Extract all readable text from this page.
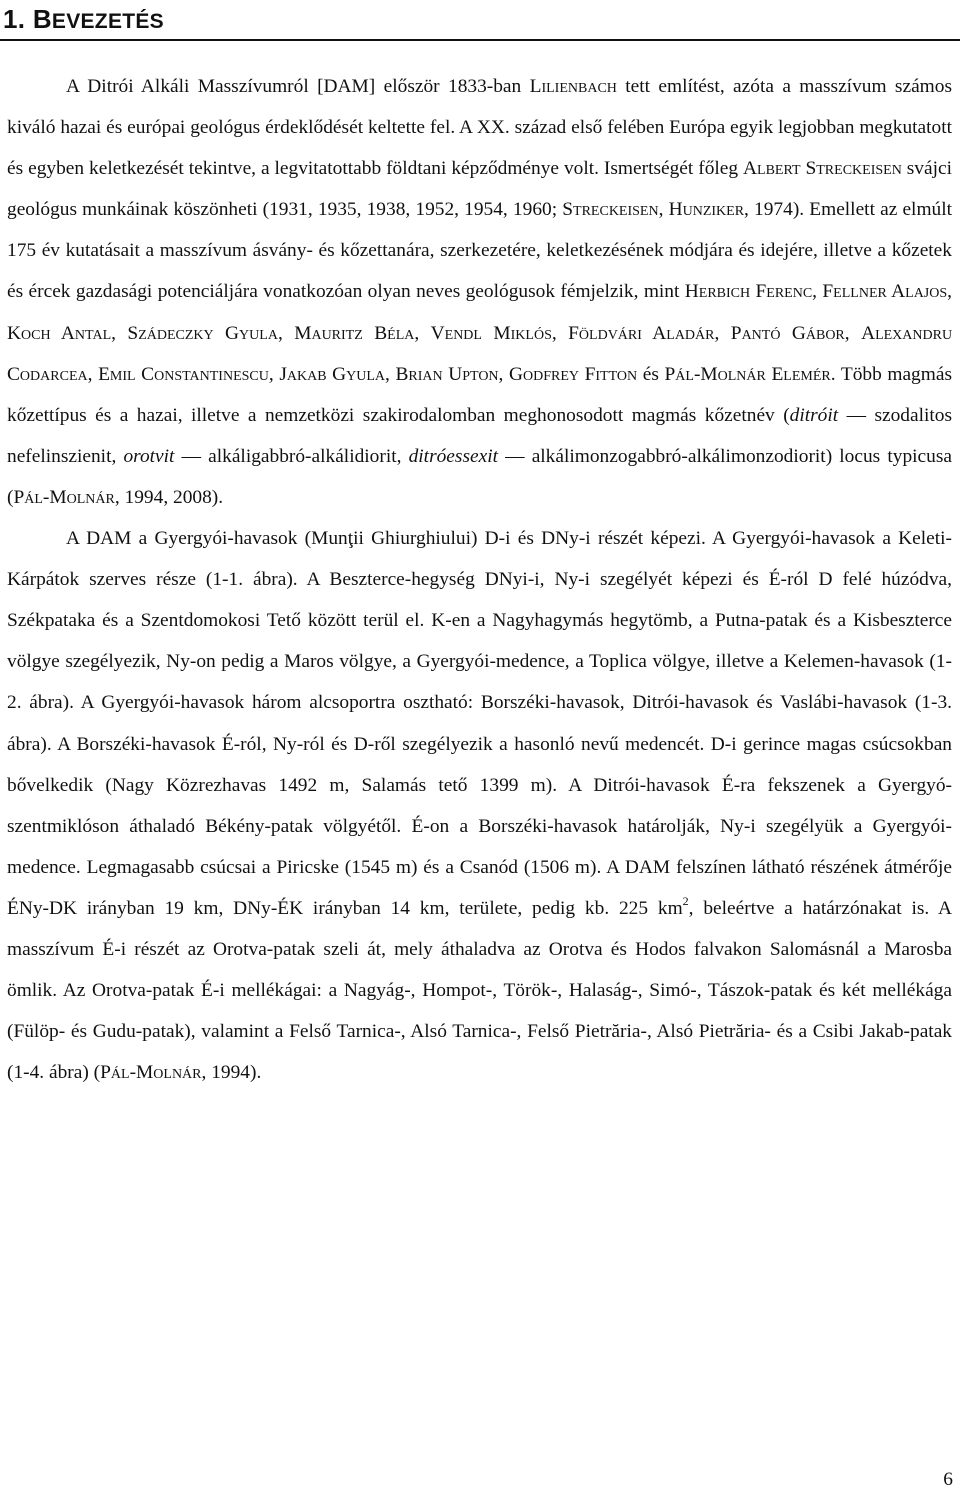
1. BEVEZETÉS

A Ditrói Alkáli Masszívumról [DAM] először 1833-ban Lilienbach tett említést, azóta a masszívum számos kiváló hazai és európai geológus érdeklődését keltette fel. A XX. század első felében Európa egyik legjobban megkutatott és egyben keletkezését tekintve, a legvitatottabb földtani képződménye volt. Ismertségét főleg Albert Streckeisen svájci geológus munkáinak köszönheti (1931, 1935, 1938, 1952, 1954, 1960; Streckeisen, Hunziker, 1974). Emellett az elmúlt 175 év kutatásait a masszívum ásvány- és kőzettanára, szerkezetére, keletkezésének módjára és idejére, illetve a kőzetek és ércek gazdasági potenciáljára vonatkozóan olyan neves geológusok fémjelzik, mint Herbich Ferenc, Fellner Alajos, Koch Antal, Szádeczky Gyula, Mauritz Béla, Vendl Miklós, Földvári Aladár, Pantó Gábor, Alexandru Codarcea, Emil Constantinescu, Jakab Gyula, Brian Upton, Godfrey Fitton és Pál-Molnár Elemér. Több magmás kőzettípus és a hazai, illetve a nemzetközi szakirodalomban meghonosodott magmás kőzetnév (ditróit — szodalitos nefelinszienit, orotvit — alkáligabbró-alkálidiorit, ditróessexit — alkálimonzogabbró-alkálimonzodiorit) locus typicusa (Pál-Molnár, 1994, 2008).

A DAM a Gyergyói-havasok (Munţii Ghiurghiului) D-i és DNy-i részét képezi. A Gyergyói-havasok a Keleti-Kárpátok szerves része (1-1. ábra). A Beszterce-hegység DNyi-i, Ny-i szegélyét képezi és É-ról D felé húzódva, Székpataka és a Szentdomokosi Tető között terül el. K-en a Nagyhagymás hegytömb, a Putna-patak és a Kisbeszterce völgye szegélyezik, Ny-on pedig a Maros völgye, a Gyergyói-medence, a Toplica völgye, illetve a Kelemen-havasok (1-2. ábra). A Gyergyói-havasok három alcsoportra osztható: Borszéki-havasok, Ditrói-havasok és Vaslábi-havasok (1-3. ábra). A Borszéki-havasok É-ról, Ny-ról és D-ről szegélyezik a hasonló nevű medencét. D-i gerince magas csúcsokban bővelkedik (Nagy Közrezhavas 1492 m, Salamás tető 1399 m). A Ditrói-havasok É-ra fekszenek a Gyergyó-szentmiklóson áthaladó Békény-patak völgyétől. É-on a Borszéki-havasok határolják, Ny-i szegélyük a Gyergyói-medence. Legmagasabb csúcsai a Piricske (1545 m) és a Csanód (1506 m). A DAM felszínen látható részének átmérője ÉNy-DK irányban 19 km, DNy-ÉK irányban 14 km, területe, pedig kb. 225 $km^2$, beleértve a határzónakat is. A masszívum É-i részét az Orotva-patak szeli át, mely áthaladva az Orotva és Hodos falvakon Salomásnál a Marosba ömlik. Az Orotva-patak É-i mellékágai: a Nagyág-, Hompot-, Török-, Halaság-, Simó-, Tászok-patak és két mellékága (Fülöp- és Gudu-patak), valamint a Felső Tarnica-, Alsó Tarnica-, Felső Pietrăria-, Alsó Pietrăria- és a Csibi Jakab-patak (1-4. ábra) (Pál-Molnár, 1994).

6
